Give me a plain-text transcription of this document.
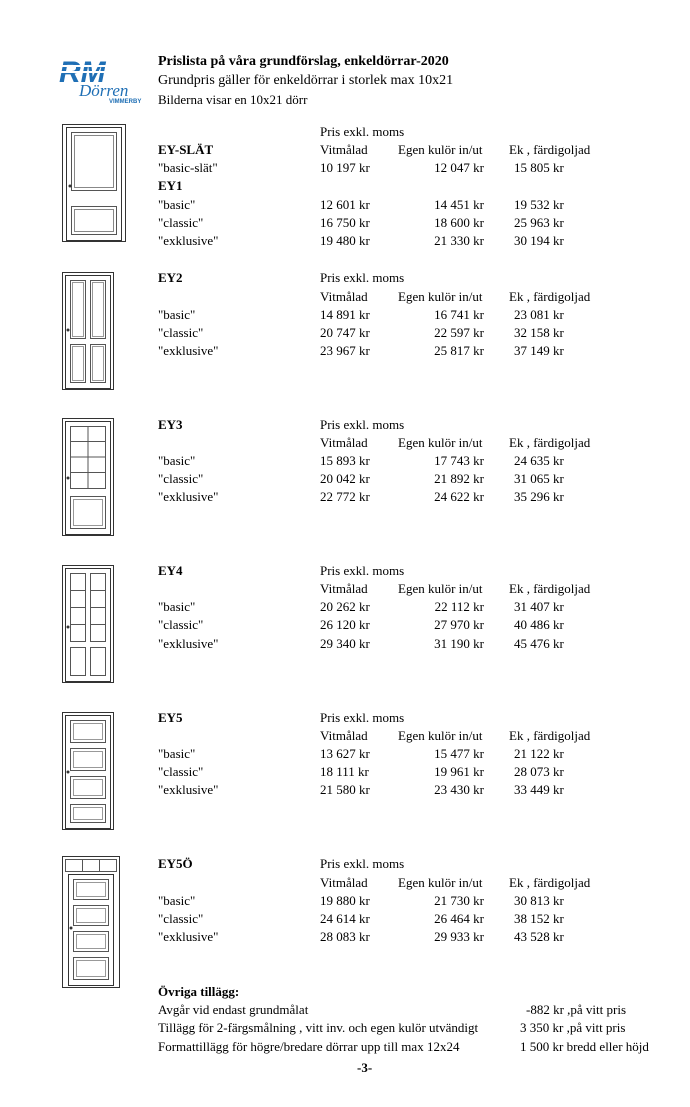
RM
Dörren
VIMMERBY
Prislista på våra grundförslag, enkeldörrar-2020
Grundpris gäller för enkeldörrar i storlek max 10x21
Bilderna visar en 10x21 dörr
Pris exkl. moms
EY-SLÄT	Vitmålad Egen kulör in/ut Ek , färdigoljad
"basic-slät"	10 197 kr	12 047 kr 15 805 kr
EY1
"basic"	12 601 kr	14 451 kr 19 532 kr
"classic"	16 750 kr	18 600 kr 25 963 kr
"exklusive"	19 480 kr	21 330 kr 30 194 kr
EY2	Pris exkl. moms
Vitmålad Egen kulör in/ut Ek , färdigoljad
"basic"	14 891 kr	16 741 kr 23 081 kr
"classic"	20 747 kr	22 597 kr 32 158 kr
"exklusive"	23 967 kr	25 817 kr 37 149 kr
EY3	Pris exkl. moms
Vitmålad Egen kulör in/ut Ek , färdigoljad
"basic"	15 893 kr	17 743 kr 24 635 kr
"classic"	20 042 kr	21 892 kr 31 065 kr
"exklusive"	22 772 kr	24 622 kr 35 296 kr
EY4	Pris exkl. moms
Vitmålad Egen kulör in/ut Ek , färdigoljad
"basic"	20 262 kr	22 112 kr 31 407 kr
"classic"	26 120 kr	27 970 kr 40 486 kr
"exklusive"	29 340 kr	31 190 kr 45 476 kr
EY5	Pris exkl. moms
Vitmålad Egen kulör in/ut Ek , färdigoljad
"basic"	13 627 kr	15 477 kr 21 122 kr
"classic"	18 111 kr	19 961 kr 28 073 kr
"exklusive"	21 580 kr	23 430 kr 33 449 kr
EY5Ö	Pris exkl. moms
Vitmålad Egen kulör in/ut Ek , färdigoljad
"basic"	19 880 kr	21 730 kr 30 813 kr
"classic"	24 614 kr	26 464 kr 38 152 kr
"exklusive"	28 083 kr	29 933 kr 43 528 kr
Övriga tillägg:
Avgår vid endast grundmålat	-882 kr ,på vitt pris
Tillägg för 2-färgsmålning , vitt inv. och egen kulör utvändigt	3 350 kr ,på vitt pris
Formattillägg för högre/bredare dörrar upp till max 12x24	1 500 kr bredd eller höjd
-3-
